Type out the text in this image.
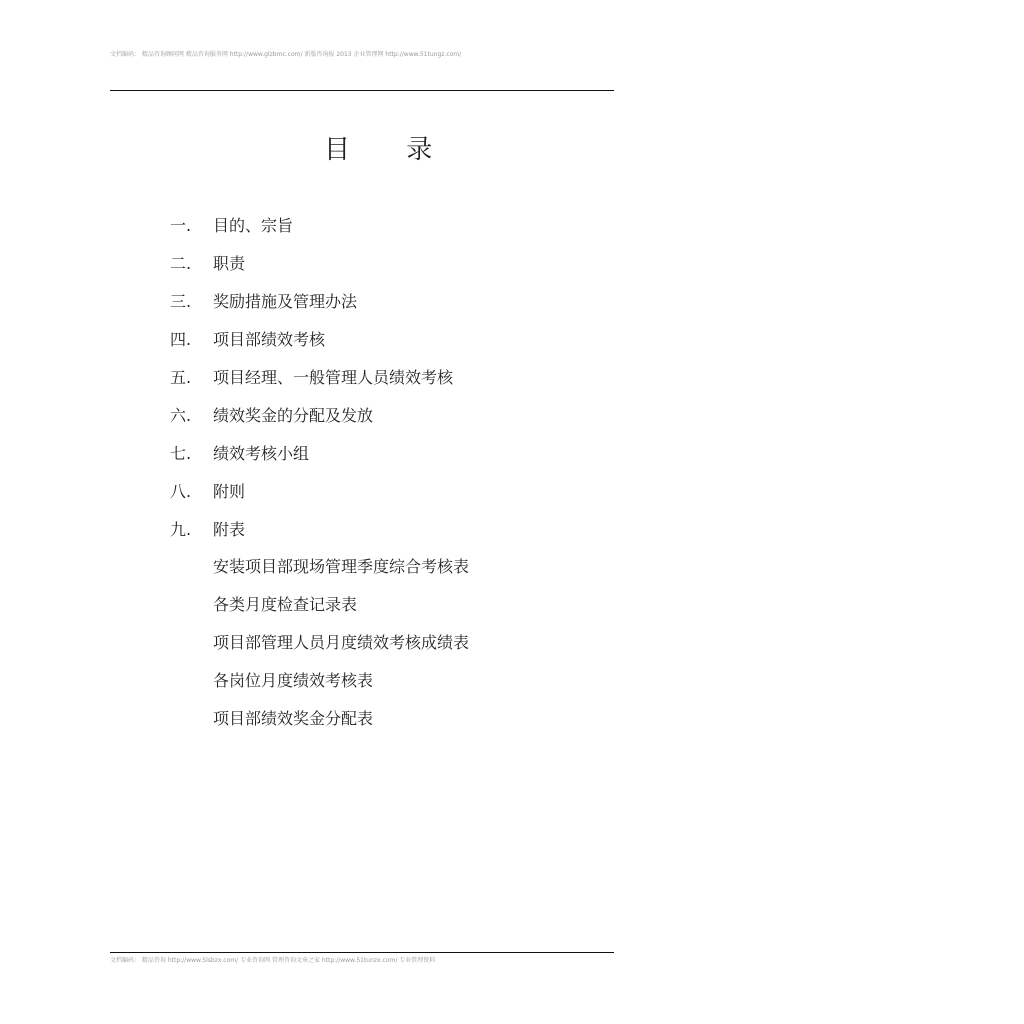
文档编码： 精品咨询顾问网 精品咨询服务网 http://www.glzbmc.com/ 新版咨询报 2013 企业管理网 http://www.51tungz.com/
目 录
一.	目的、宗旨
二.	职责
三.	奖励措施及管理办法
四.	项目部绩效考核
五.	项目经理、一般管理人员绩效考核
六.	绩效奖金的分配及发放
七.	绩效考核小组
八.	附则
九.	附表
安装项目部现场管理季度综合考核表
各类月度检查记录表
项目部管理人员月度绩效考核成绩表
各岗位月度绩效考核表
项目部绩效奖金分配表
文档编码： 精品咨询 http://www.5lsbzx.com/ 专业咨询网 管理咨询文章之家 http://www.51tunzx.com/ 专业管理资料
